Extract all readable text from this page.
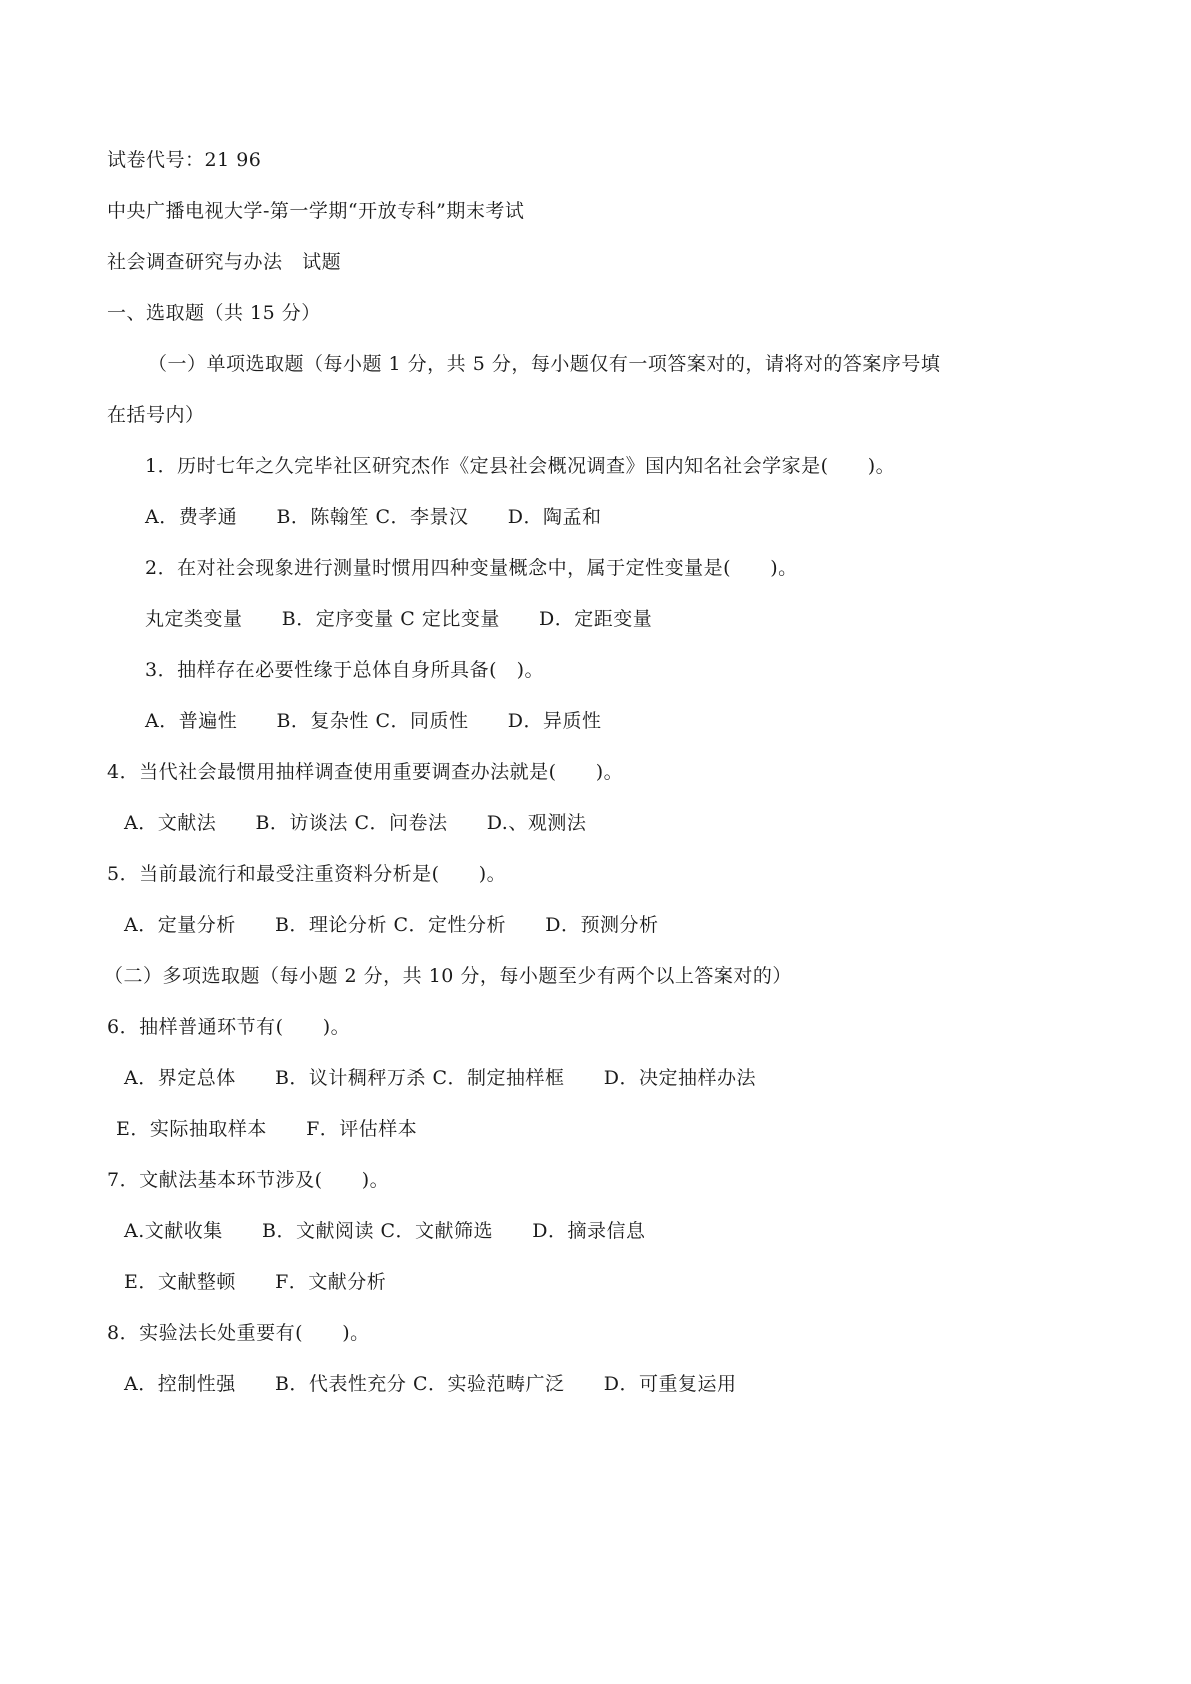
试卷代号：21 96
中央广播电视大学-第一学期“开放专科”期末考试
社会调查研究与办法   试题
一、选取题（共 15 分）
（一）单项选取题（每小题 1 分，共 5 分，每小题仅有一项答案对的，请将对的答案序号填
在括号内）
1．历时七年之久完毕社区研究杰作《定县社会概况调查》国内知名社会学家是(      )。
A．费孝通      B．陈翰笙 C．李景汉      D．陶孟和
2．在对社会现象进行测量时惯用四种变量概念中，属于定性变量是(      )。
丸定类变量      B．定序变量 C 定比变量      D．定距变量
3．抽样存在必要性缘于总体自身所具备(   )。
A．普遍性      B．复杂性 C．同质性      D．异质性
4．当代社会最惯用抽样调查使用重要调查办法就是(      )。
A．文献法      B．访谈法 C．问卷法      D.、观测法
5．当前最流行和最受注重资料分析是(      )。
A．定量分析      B．理论分析 C．定性分析      D．预测分析
（二）多项选取题（每小题 2 分，共 10 分，每小题至少有两个以上答案对的）
6．抽样普通环节有(      )。
A．界定总体      B．议计稠秤万杀 C．制定抽样框      D．决定抽样办法
E．实际抽取样本      F．评估样本
7．文献法基本环节涉及(      )。
A.文献收集      B．文献阅读 C．文献筛选      D．摘录信息
E．文献整顿      F．文献分析
8．实验法长处重要有(      )。
A．控制性强      B．代表性充分 C．实验范畴广泛      D．可重复运用
